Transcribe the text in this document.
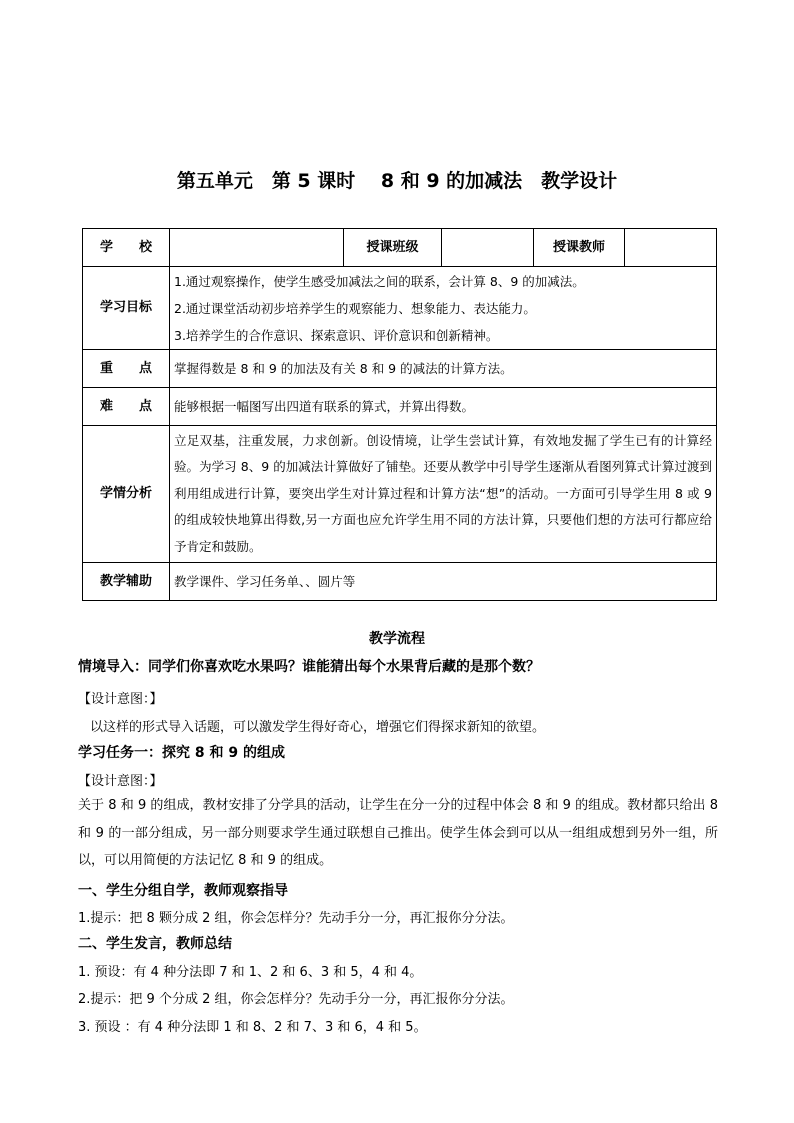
第五单元　第 5 课时　 8 和 9 的加减法　教学设计
学　　校		授课班级		授课教师	
学习目标	1.通过观察操作，使学生感受加减法之间的联系，会计算 8、9 的加减法。
2.通过课堂活动初步培养学生的观察能力、想象能力、表达能力。
3.培养学生的合作意识、探索意识、评价意识和创新精神。				

重　　点	掌握得数是 8 和 9 的加法及有关 8 和 9 的减法的计算方法。				
难　　点	能够根据一幅图写出四道有联系的算式，并算出得数。				
学情分析	立足双基，注重发展，力求创新。创设情境，让学生尝试计算，有效地发掘了学生已有的计算经验。为学习 8、9 的加减法计算做好了铺垫。还要从教学中引导学生逐渐从看图列算式计算过渡到利用组成进行计算，要突出学生对计算过程和计算方法“想”的活动。一方面可引导学生用 8 或 9 的组成较快地算出得数,另一方面也应允许学生用不同的方法计算，只要他们想的方法可行都应给予肯定和鼓励。				

教学辅助	教学课件、学习任务单、、圆片等				
教学流程
情境导入：同学们你喜欢吃水果吗？谁能猜出每个水果背后藏的是那个数？
【设计意图：】
以这样的形式导入话题，可以激发学生得好奇心，增强它们得探求新知的欲望。
学习任务一：探究 8 和 9 的组成
【设计意图：】
关于 8 和 9 的组成，教材安排了分学具的活动，让学生在分一分的过程中体会 8 和 9 的组成。教材都只给出 8 和 9 的一部分组成，另一部分则要求学生通过联想自己推出。使学生体会到可以从一组组成想到另外一组，所以，可以用简便的方法记忆 8 和 9 的组成。
一、学生分组自学，教师观察指导
1.提示：把 8 颗分成 2 组，你会怎样分？先动手分一分，再汇报你分分法。
二、学生发言，教师总结
1. 预设：有 4 种分法即 7 和 1、2 和 6、3 和 5，4 和 4。
2.提示：把 9 个分成 2 组，你会怎样分？先动手分一分，再汇报你分分法。
3. 预设 ：有 4 种分法即 1 和 8、2 和 7、3 和 6，4 和 5。
